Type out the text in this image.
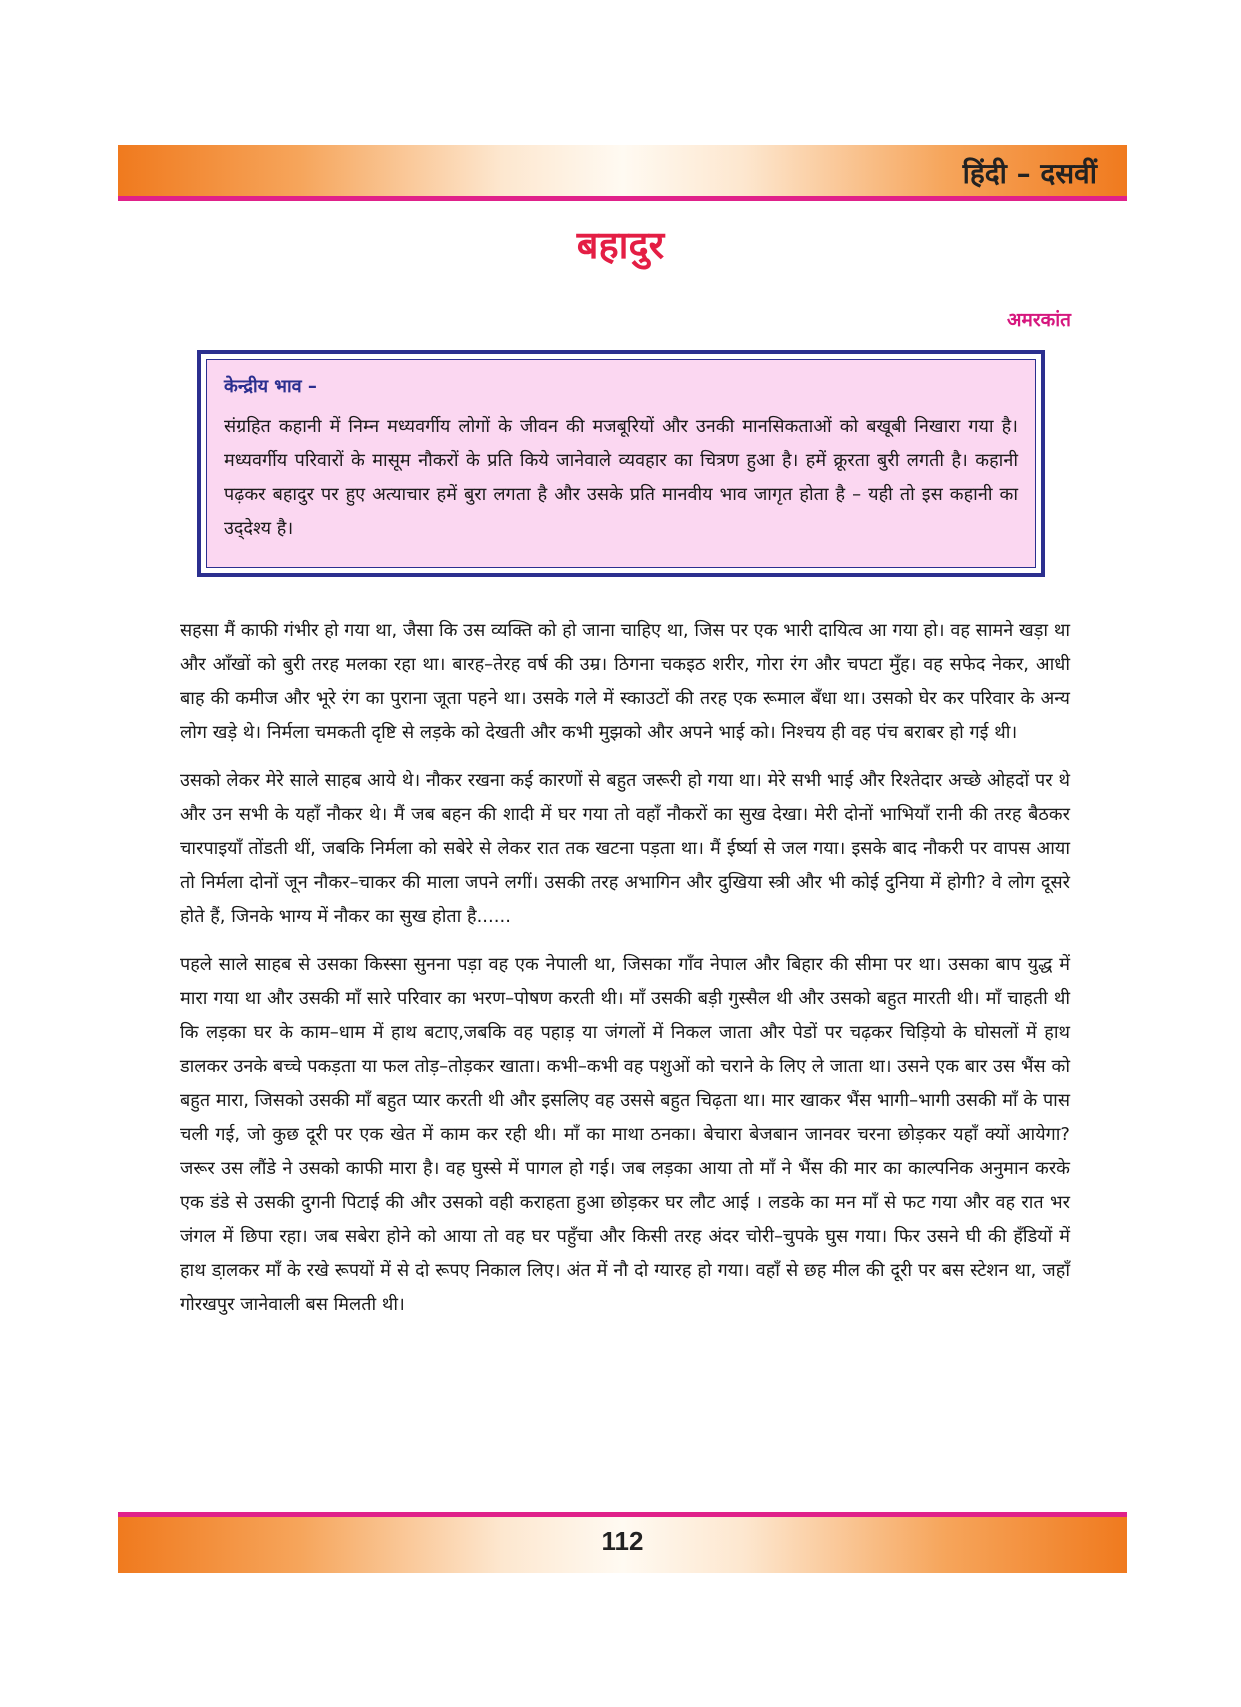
हिंदी – दसवीं
बहादुर
अमरकांत
केन्द्रीय भाव –
संग्रहित कहानी में निम्न मध्यवर्गीय लोगों के जीवन की मजबूरियों और उनकी मानसिकताओं को बखूबी निखारा गया है। मध्यवर्गीय परिवारों के मासूम नौकरों के प्रति किये जानेवाले व्यवहार का चित्रण हुआ है। हमें क्रूरता बुरी लगती है। कहानी पढ़कर बहादुर पर हुए अत्याचार हमें बुरा लगता है और उसके प्रति मानवीय भाव जागृत होता है – यही तो इस कहानी का उद्‌देश्य है।

सहसा मैं काफी गंभीर हो गया था, जैसा कि उस व्यक्ति को हो जाना चाहिए था, जिस पर एक भारी दायित्व आ गया हो। वह सामने खड़ा था और आँखों को बुरी तरह मलका रहा था। बारह–तेरह वर्ष की उम्र। ठिगना चकइठ शरीर, गोरा रंग और चपटा मुँह। वह सफेद नेकर, आधी बाह की कमीज और भूरे रंग का पुराना जूता पहने था। उसके गले में स्काउटों की तरह एक रूमाल बँधा था। उसको घेर कर परिवार के अन्य लोग खड़े थे। निर्मला चमकती दृष्टि से लड़के को देखती और कभी मुझको और अपने भाई को। निश्चय ही वह पंच बराबर हो गई थी।

उसको लेकर मेरे साले साहब आये थे। नौकर रखना कई कारणों से बहुत जरूरी हो गया था। मेरे सभी भाई और रिश्तेदार अच्छे ओहदों पर थे और उन सभी के यहाँ नौकर थे। मैं जब बहन की शादी में घर गया तो वहाँ नौकरों का सुख देखा। मेरी दोनों भाभियाँ रानी की तरह बैठकर चारपाइयाँ तोंडती थीं, जबकि निर्मला को सबेरे से लेकर रात तक खटना पड़ता था। मैं ईर्ष्या से जल गया। इसके बाद नौकरी पर वापस आया तो निर्मला दोनों जून नौकर–चाकर की माला जपने लगीं। उसकी तरह अभागिन और दुखिया स्त्री और भी कोई दुनिया में होगी? वे लोग दूसरे होते हैं, जिनके भाग्य में नौकर का सुख होता है......

पहले साले साहब से उसका किस्सा सुनना पड़ा वह एक नेपाली था, जिसका गाँव नेपाल और बिहार की सीमा पर था। उसका बाप युद्ध में मारा गया था और उसकी माँ सारे परिवार का भरण–पोषण करती थी। माँ उसकी बड़ी गुस्सैल थी और उसको बहुत मारती थी। माँ चाहती थी कि लड़का घर के काम–धाम में हाथ बटाए,जबकि वह पहाड़ या जंगलों में निकल जाता और पेडों पर चढ़कर चिड़ियो के घोसलों में हाथ डालकर उनके बच्चे पकड़ता या फल तोड़–तोड़कर खाता। कभी–कभी वह पशुओं को चराने के लिए ले जाता था। उसने एक बार उस भैंस को बहुत मारा, जिसको उसकी माँ बहुत प्यार करती थी और इसलिए वह उससे बहुत चिढ़ता था। मार खाकर भैंस भागी–भागी उसकी माँ के पास चली गई, जो कुछ दूरी पर एक खेत में काम कर रही थी। माँ का माथा ठनका। बेचारा बेजबान जानवर चरना छोड़कर यहाँ क्यों आयेगा? जरूर उस लौंडे ने उसको काफी मारा है। वह घुस्से में पागल हो गई। जब लड़का आया तो माँ ने भैंस की मार का काल्पनिक अनुमान करके एक डंडे से उसकी दुगनी पिटाई की और उसको वही कराहता हुआ छोड़कर घर लौट आई । लडके का मन माँ से फट गया और वह रात भर जंगल में छिपा रहा। जब सबेरा होने को आया तो वह घर पहुँचा और किसी तरह अंदर चोरी–चुपके घुस गया। फिर उसने घी की हँडियों में हाथ डा़लकर माँ के रखे रूपयों में से दो रूपए निकाल लिए। अंत में नौ दो ग्यारह हो गया। वहाँ से छह मील की दूरी पर बस स्टेशन था, जहाँ गोरखपुर जानेवाली बस मिलती थी।

112
